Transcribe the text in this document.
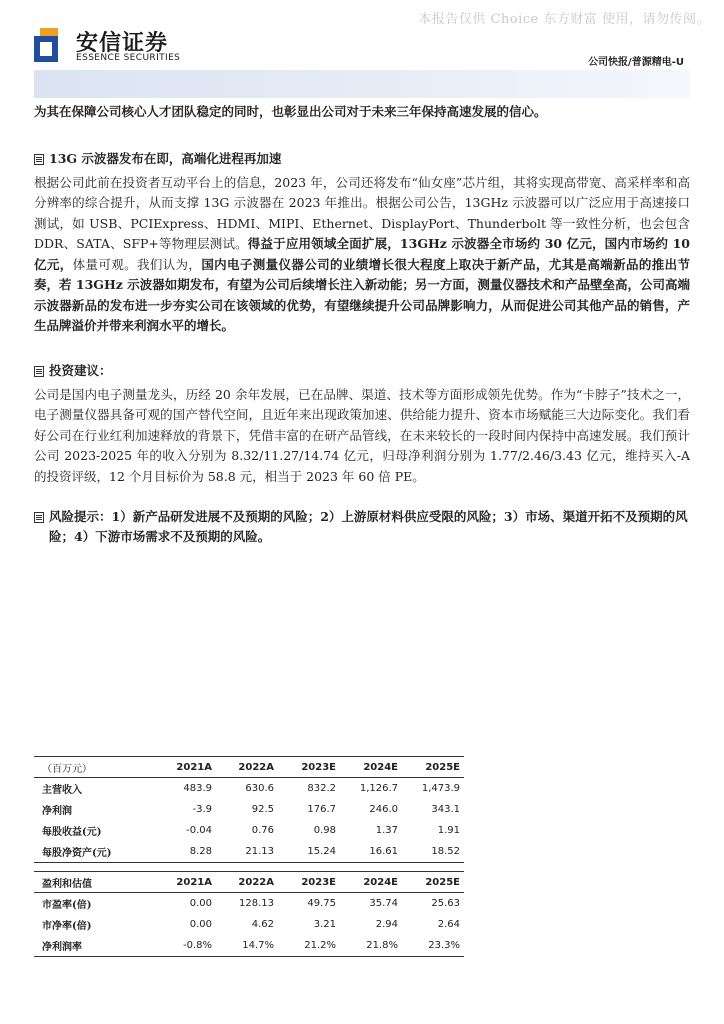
本报告仅供 Choice 东方财富 使用，请勿传阅。
安信证券
ESSENCE SECURITIES	公司快报/普源精电-U

为其在保障公司核心人才团队稳定的同时，也彰显出公司对于未来三年保持高速发展的信心。

13G 示波器发布在即，高端化进程再加速

根据公司此前在投资者互动平台上的信息，2023 年，公司还将发布“仙女座”芯片组，其将实现高带宽、高采样率和高分辨率的综合提升，从而支撑 13G 示波器在 2023 年推出。根据公司公告，13GHz 示波器可以广泛应用于高速接口测试，如 USB、PCIExpress、HDMI、MIPI、Ethernet、DisplayPort、Thunderbolt 等一致性分析，也会包含 DDR、SATA、SFP+等物理层测试。得益于应用领域全面扩展，13GHz 示波器全市场约 30 亿元，国内市场约 10 亿元，体量可观。我们认为，国内电子测量仪器公司的业绩增长很大程度上取决于新产品，尤其是高端新品的推出节奏，若 13GHz 示波器如期发布，有望为公司后续增长注入新动能；另一方面，测量仪器技术和产品壁垒高，公司高端示波器新品的发布进一步夯实公司在该领域的优势，有望继续提升公司品牌影响力，从而促进公司其他产品的销售，产生品牌溢价并带来利润水平的增长。

投资建议：

公司是国内电子测量龙头，历经 20 余年发展，已在品牌、渠道、技术等方面形成领先优势。作为“卡脖子”技术之一，电子测量仪器具备可观的国产替代空间，且近年来出现政策加速、供给能力提升、资本市场赋能三大边际变化。我们看好公司在行业红利加速释放的背景下，凭借丰富的在研产品管线，在未来较长的一段时间内保持中高速发展。我们预计公司 2023-2025 年的收入分别为 8.32/11.27/14.74 亿元，归母净利润分别为 1.77/2.46/3.43 亿元，维持买入-A 的投资评级，12 个月目标价为 58.8 元，相当于 2023 年 60 倍 PE。

风险提示：1）新产品研发进展不及预期的风险；2）上游原材料供应受限的风险；3）市场、渠道开拓不及预期的风险；4）下游市场需求不及预期的风险。
（百万元）	2021A	2022A	2023E	2024E	2025E
主营收入	483.9	630.6	832.2	1,126.7	1,473.9
净利润	-3.9	92.5	176.7	246.0	343.1
每股收益(元)	-0.04	0.76	0.98	1.37	1.91
每股净资产(元)	8.28	21.13	15.24	16.61	18.52
盈利和估值	2021A	2022A	2023E	2024E	2025E
市盈率(倍)	0.00	128.13	49.75	35.74	25.63
市净率(倍)	0.00	4.62	3.21	2.94	2.64
净利润率	-0.8%	14.7%	21.2%	21.8%	23.3%
